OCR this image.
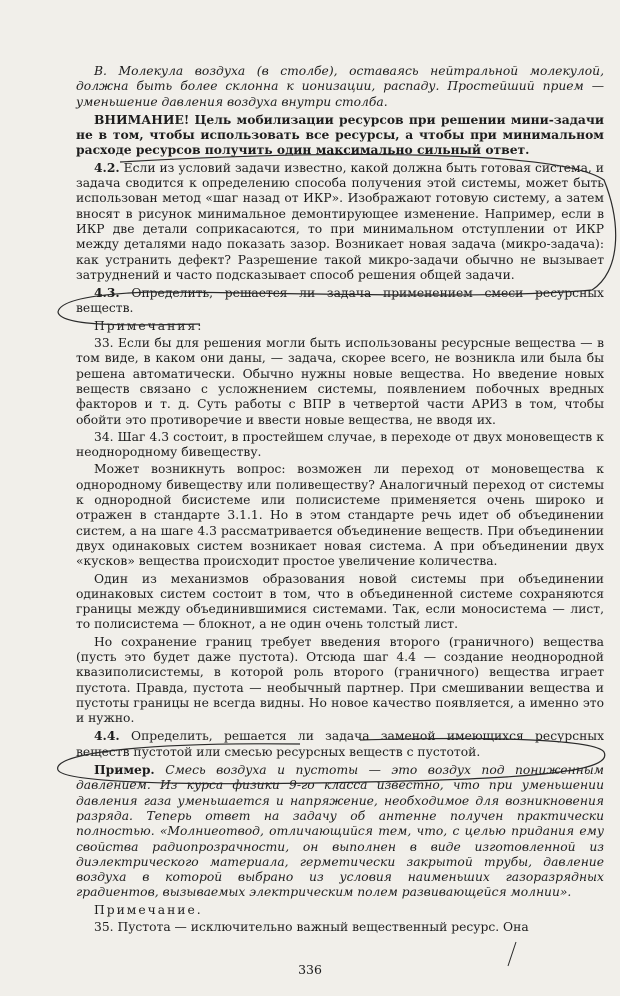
В. Молекула воздуха (в столбе), оставаясь нейтральной молекулой, должна быть более склонна к ионизации, распаду. Простейший прием — уменьшение давления воздуха внутри столба.

ВНИМАНИЕ! Цель мобилизации ресурсов при решении мини-задачи не в том, чтобы использовать все ресурсы, а чтобы при минимальном расходе ресурсов получить один максимально сильный ответ.

4.2. Если из условий задачи известно, какой должна быть готовая система, и задача сводится к определению способа получения этой системы, может быть использован метод «шаг назад от ИКР». Изображают готовую систему, а затем вносят в рисунок минимальное демонтирующее изменение. Например, если в ИКР две детали соприкасаются, то при минимальном отступлении от ИКР между деталями надо показать зазор. Возникает новая задача (микро-задача): как устранить дефект? Разрешение такой микро-задачи обычно не вызывает затруднений и часто подсказывает способ решения общей задачи.

4.3. Определить, решается ли задача применением смеси ресурсных веществ.

Примечания:

33. Если бы для решения могли быть использованы ресурсные вещества — в том виде, в каком они даны, — задача, скорее всего, не возникла или была бы решена автоматически. Обычно нужны новые вещества. Но введение новых веществ связано с усложнением системы, появлением побочных вредных факторов и т. д. Суть работы с ВПР в четвертой части АРИЗ в том, чтобы обойти это противоречие и ввести новые вещества, не вводя их.

34. Шаг 4.3 состоит, в простейшем случае, в переходе от двух моновеществ к неоднородному бивеществу.

Может возникнуть вопрос: возможен ли переход от моновещества к однородному бивеществу или поливеществу? Аналогичный переход от системы к однородной бисистеме или полисистеме применяется очень широко и отражен в стандарте 3.1.1. Но в этом стандарте речь идет об объединении систем, а на шаге 4.3 рассматривается объединение веществ. При объединении двух одинаковых систем возникает новая система. А при объединении двух «кусков» вещества происходит простое увеличение количества.

Один из механизмов образования новой системы при объединении одинаковых систем состоит в том, что в объединенной системе сохраняются границы между объединившимися системами. Так, если моносистема — лист, то полисистема — блокнот, а не один очень толстый лист.

Но сохранение границ требует введения второго (граничного) вещества (пусть это будет даже пустота). Отсюда шаг 4.4 — создание неоднородной квазиполисистемы, в которой роль второго (граничного) вещества играет пустота. Правда, пустота — необычный партнер. При смешивании вещества и пустоты границы не всегда видны. Но новое качество появляется, а именно это и нужно.

4.4. Определить, решается ли задача заменой имеющихся ресурсных веществ пустотой или смесью ресурсных веществ с пустотой.

Пример. Смесь воздуха и пустоты — это воздух под пониженным давлением. Из курса физики 9-го класса известно, что при уменьшении давления газа уменьшается и напряжение, необходимое для возникновения разряда. Теперь ответ на задачу об антенне получен практически полностью. «Молниеотвод, отличающийся тем, что, с целью придания ему свойства радиопрозрачности, он выполнен в виде изготовленной из диэлектрического материала, герметически закрытой трубы, давление воздуха в которой выбрано из условия наименьших газоразрядных градиентов, вызываемых электрическим полем развивающейся молнии».

Примечание.

35. Пустота — исключительно важный вещественный ресурс. Она

336
